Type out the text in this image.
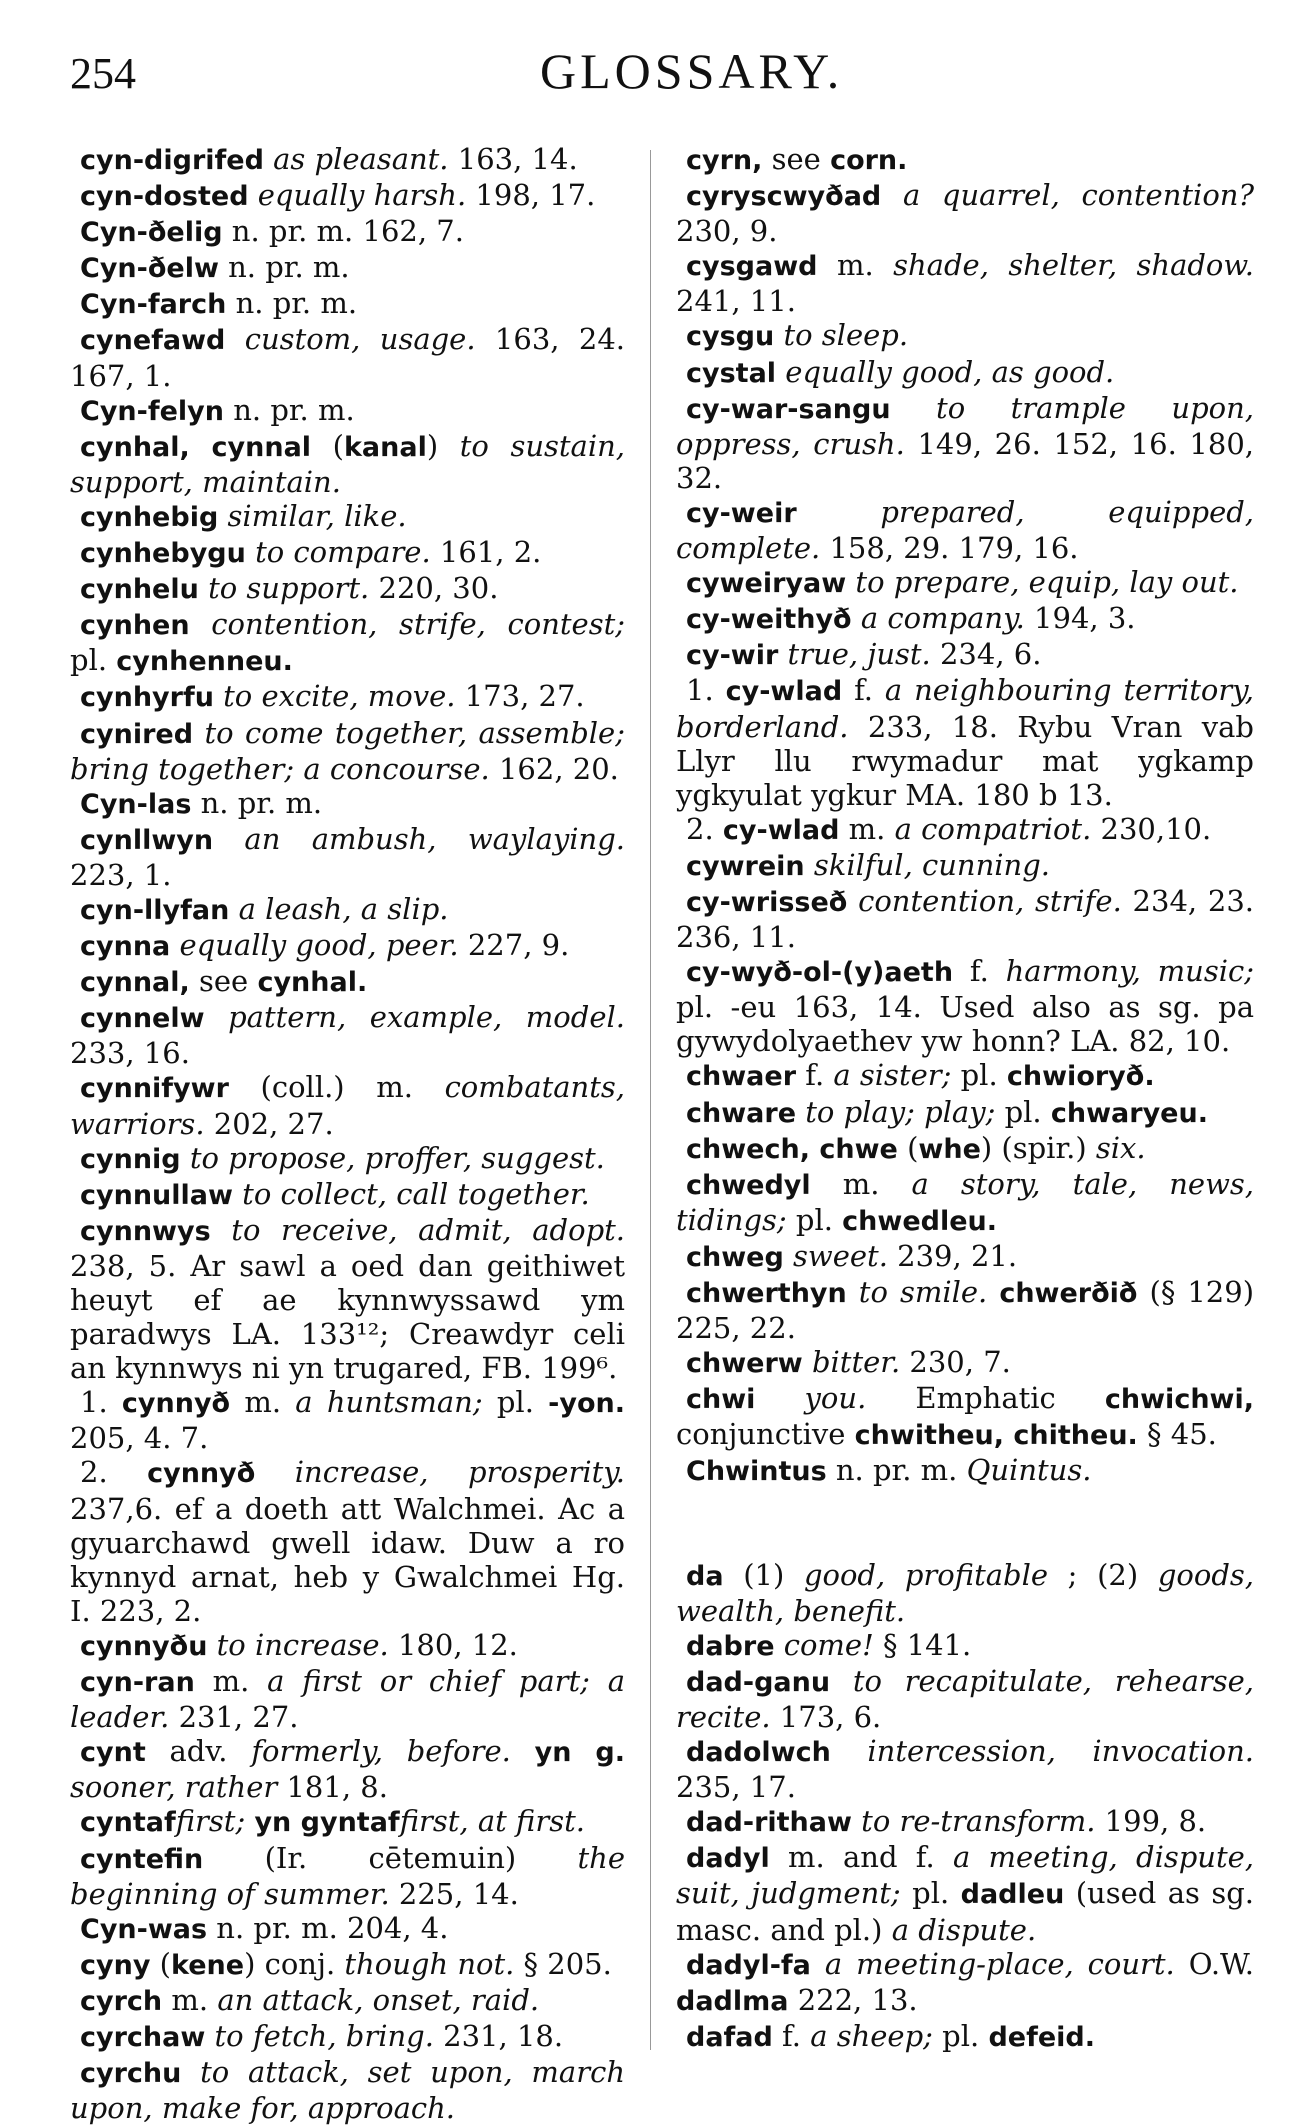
254	GLOSSARY.

cyn-digrifed as pleasant. 163, 14.

cyn-dosted equally harsh. 198, 17.

Cyn-ðelig n. pr. m. 162, 7.

Cyn-ðelw n. pr. m.

Cyn-farch n. pr. m.

cynefawd custom, usage. 163, 24. 167, 1.

Cyn-felyn n. pr. m.

cynhal, cynnal (kanal) to sustain, support, maintain.

cynhebig similar, like.

cynhebygu to compare. 161, 2.

cynhelu to support. 220, 30.

cynhen contention, strife, contest; pl. cynhenneu.

cynhyrfu to excite, move. 173, 27.

cynired to come together, assemble; bring together; a concourse. 162, 20.

Cyn-las n. pr. m.

cynllwyn an ambush, waylaying. 223, 1.

cyn-llyfan a leash, a slip.

cynna equally good, peer. 227, 9.

cynnal, see cynhal.

cynnelw pattern, example, model. 233, 16.

cynnifywr (coll.) m. combatants, warriors. 202, 27.

cynnig to propose, proffer, suggest.

cynnullaw to collect, call together.

cynnwys to receive, admit, adopt. 238, 5. Ar sawl a oed dan geithiwet heuyt ef ae kynnwyssawd ym paradwys LA. 133¹²; Creawdyr celi an kynnwys ni yn trugared, FB. 199⁶.

1. cynnyð m. a huntsman; pl. -yon. 205, 4. 7.

2. cynnyð increase, prosperity. 237,6. ef a doeth att Walchmei. Ac a gyuarchawd gwell idaw. Duw a ro kynnyd arnat, heb y Gwalchmei Hg. I. 223, 2.

cynnyðu to increase. 180, 12.

cyn-ran m. a first or chief part; a leader. 231, 27.

cynt adv. formerly, before. yn g. sooner, rather 181, 8.

cyntaffirst; yn gyntaffirst, at first.

cyntefin (Ir. cētemuin) the beginning of summer. 225, 14.

Cyn-was n. pr. m. 204, 4.

cyny (kene) conj. though not. § 205.

cyrch m. an attack, onset, raid.

cyrchaw to fetch, bring. 231, 18.

cyrchu to attack, set upon, march upon, make for, approach.

cyrn, see corn.

cyryscwyðad a quarrel, contention? 230, 9.

cysgawd m. shade, shelter, shadow. 241, 11.

cysgu to sleep.

cystal equally good, as good.

cy-war-sangu to trample upon, oppress, crush. 149, 26. 152, 16. 180, 32.

cy-weir	prepared, equipped, complete. 158, 29. 179, 16.

cyweiryaw to prepare, equip, lay out.

cy-weithyð a company. 194, 3.

cy-wir true, just. 234, 6.

1. cy-wlad f. a neighbouring territory, borderland. 233, 18. Rybu Vran vab Llyr llu rwymadur mat ygkamp ygkyulat ygkur MA. 180 b 13.

2. cy-wlad m. a compatriot. 230,10.

cywrein skilful, cunning.

cy-wrisseð contention, strife. 234, 23. 236, 11.

cy-wyð-ol-(y)aeth f. harmony, music; pl. -eu 163, 14. Used also as sg. pa gywydolyaethev yw honn? LA. 82, 10.

chwaer f. a sister; pl. chwioryð.

chware to play; play; pl. chwaryeu.

chwech, chwe (whe) (spir.) six.

chwedyl m. a story, tale, news, tidings; pl. chwedleu.

chweg sweet. 239, 21.

chwerthyn to smile. chwerðið (§ 129) 225, 22.

chwerw bitter. 230, 7.

chwi you. Emphatic chwichwi, conjunctive chwitheu, chitheu. § 45.

Chwintus n. pr. m. Quintus.

da (1) good, profitable ; (2) goods, wealth, benefit.

dabre come! § 141.

dad-ganu to recapitulate, rehearse, recite. 173, 6.

dadolwch intercession, invocation. 235, 17.

dad-rithaw to re-transform. 199, 8.

dadyl m. and f. a meeting, dispute, suit, judgment; pl. dadleu (used as sg. masc. and pl.) a dispute.

dadyl-fa a meeting-place, court. O.W. dadlma 222, 13.

dafad f. a sheep; pl. defeid.
